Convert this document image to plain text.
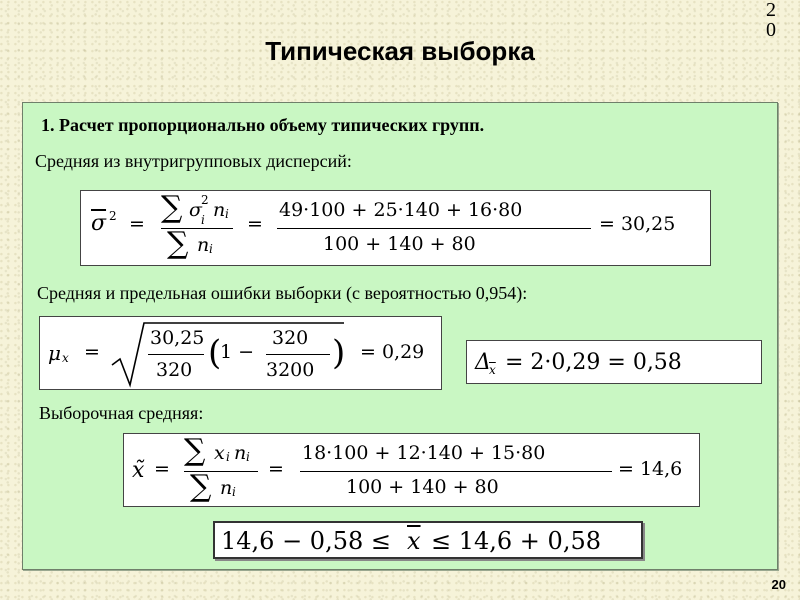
20
Типическая выборка
1. Расчет пропорционально объему типических групп.
Средняя из внутригрупповых дисперсий:
$\overline{\sigma}$ 2 = ∑ σ i
2 n i
∑ n i
=
49·100 + 25·140 + 16·80
100 + 140 + 80
= 30,25
Средняя и предельная ошибки выборки (с вероятностью 0,954):
μ x =
30,25
320 (
1 −
320
3200 ) = 0,29 Δ
$\overline{x} = 2\cdot 0,29 = 0,58$
Выборочная средняя:
x̃ =
∑ x i n i
∑ n i
=
18·100 + 12·140 + 15·80
100 + 140 + 80
= 14,6
$14,6 - 0,58 \le \overline{x} \le 14,6 + 0,58$
20
